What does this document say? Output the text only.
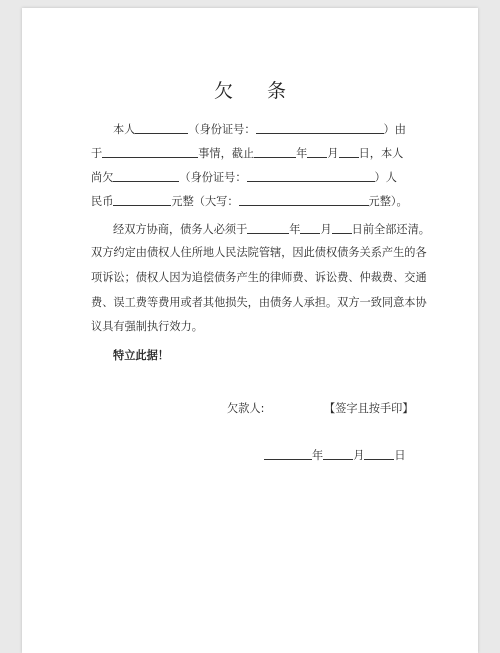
欠 条
本人	（身份证号：	）由
于	事情，截止	年 月 日，本人
尚欠	（身份证号：	）人
民币	元整（大写：	元整）。
经双方协商，债务人必须于	年 月 日前全部还清。
双方约定由债权人住所地人民法院管辖，因此债权债务关系产生的各
项诉讼；债权人因为追偿债务产生的律师费、诉讼费、仲裁费、交通
费、误工费等费用或者其他损失，由债务人承担。双方一致同意本协
议具有强制执行效力。
特立此据！
欠款人:	【签字且按手印】
年	月	日
